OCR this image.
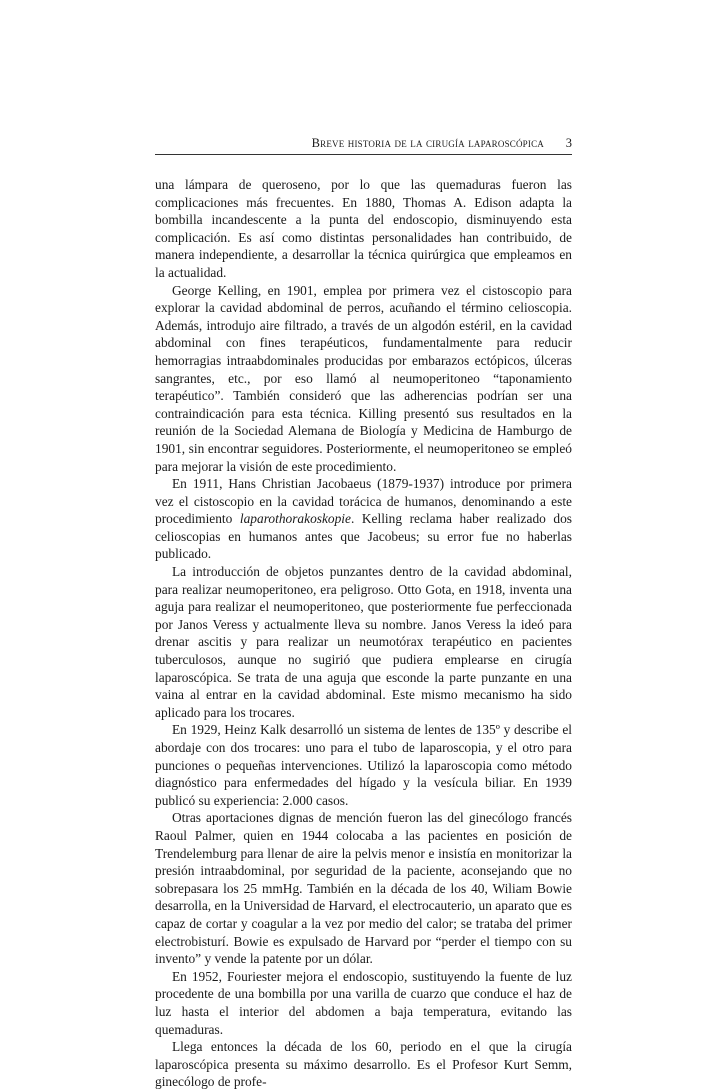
Breve historia de la cirugía laparoscópica 3

una lámpara de queroseno, por lo que las quemaduras fueron las complicaciones más frecuentes. En 1880, Thomas A. Edison adapta la bombilla incandescente a la punta del endoscopio, disminuyendo esta complicación. Es así como distintas personalidades han contribuido, de manera independiente, a desarrollar la técnica quirúrgica que empleamos en la actualidad.

George Kelling, en 1901, emplea por primera vez el cistoscopio para explorar la cavidad abdominal de perros, acuñando el término celioscopia. Además, introdujo aire filtrado, a través de un algodón estéril, en la cavidad abdominal con fines terapéuticos, fundamentalmente para reducir hemorragias intraabdominales producidas por embarazos ectópicos, úlceras sangrantes, etc., por eso llamó al neumoperitoneo “taponamiento terapéutico”. También consideró que las adherencias podrían ser una contraindicación para esta técnica. Killing presentó sus resultados en la reunión de la Sociedad Alemana de Biología y Medicina de Hamburgo de 1901, sin encontrar seguidores. Posteriormente, el neumoperitoneo se empleó para mejorar la visión de este procedimiento.

En 1911, Hans Christian Jacobaeus (1879-1937) introduce por primera vez el cistoscopio en la cavidad torácica de humanos, denominando a este procedimiento laparothorakoskopie. Kelling reclama haber realizado dos celioscopias en humanos antes que Jacobeus; su error fue no haberlas publicado.

La introducción de objetos punzantes dentro de la cavidad abdominal, para realizar neumoperitoneo, era peligroso. Otto Gota, en 1918, inventa una aguja para realizar el neumoperitoneo, que posteriormente fue perfeccionada por Janos Veress y actualmente lleva su nombre. Janos Veress la ideó para drenar ascitis y para realizar un neumotórax terapéutico en pacientes tuberculosos, aunque no sugirió que pudiera emplearse en cirugía laparoscópica. Se trata de una aguja que esconde la parte punzante en una vaina al entrar en la cavidad abdominal. Este mismo mecanismo ha sido aplicado para los trocares.

En 1929, Heinz Kalk desarrolló un sistema de lentes de 135º y describe el abordaje con dos trocares: uno para el tubo de laparoscopia, y el otro para punciones o pequeñas intervenciones. Utilizó la laparoscopia como método diagnóstico para enfermedades del hígado y la vesícula biliar. En 1939 publicó su experiencia: 2.000 casos.

Otras aportaciones dignas de mención fueron las del ginecólogo francés Raoul Palmer, quien en 1944 colocaba a las pacientes en posición de Trendelemburg para llenar de aire la pelvis menor e insistía en monitorizar la presión intraabdominal, por seguridad de la paciente, aconsejando que no sobrepasara los 25 mmHg. También en la década de los 40, Wiliam Bowie desarrolla, en la Universidad de Harvard, el electrocauterio, un aparato que es capaz de cortar y coagular a la vez por medio del calor; se trataba del primer electrobisturí. Bowie es expulsado de Harvard por “perder el tiempo con su invento” y vende la patente por un dólar.

En 1952, Fouriester mejora el endoscopio, sustituyendo la fuente de luz procedente de una bombilla por una varilla de cuarzo que conduce el haz de luz hasta el interior del abdomen a baja temperatura, evitando las quemaduras.

Llega entonces la década de los 60, periodo en el que la cirugía laparoscópica presenta su máximo desarrollo. Es el Profesor Kurt Semm, ginecólogo de profe-
